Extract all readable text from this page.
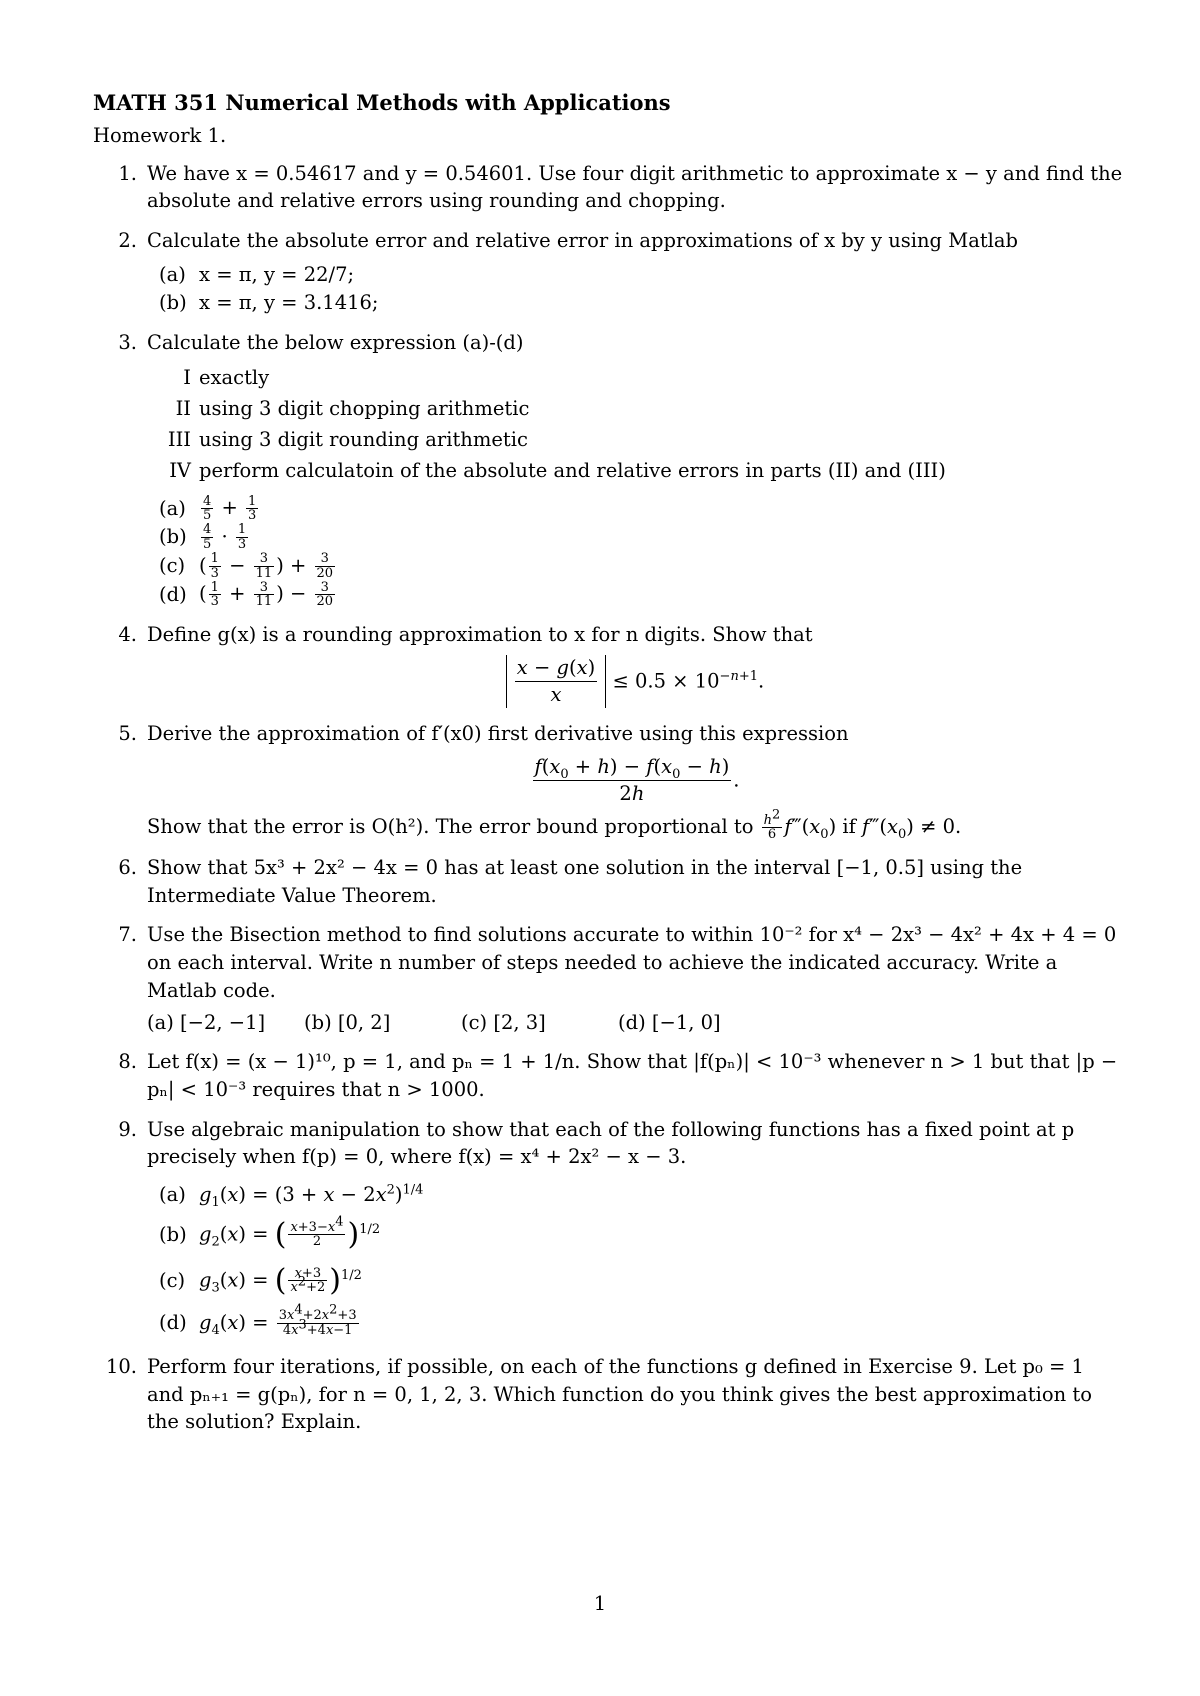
MATH 351 Numerical Methods with Applications
Homework 1.
1. We have x = 0.54617 and y = 0.54601. Use four digit arithmetic to approximate x − y and find the absolute and relative errors using rounding and chopping.
2. Calculate the absolute error and relative error in approximations of x by y using Matlab
(a) x = π, y = 22/7;
(b) x = π, y = 3.1416;
3. Calculate the below expression (a)-(d)
I exactly
II using 3 digit chopping arithmetic
III using 3 digit rounding arithmetic
IV perform calculatoin of the absolute and relative errors in parts (II) and (III)
(a)	$\frac{4}{5} + \frac{1}{3}$
(b)	$\frac{4}{5} \cdot \frac{1}{3}$
(c) ( $\frac{1}{3} - \frac{3}{11}$ ) + $\frac{3}{20}$
(d) ( $\frac{1}{3} + \frac{3}{11}$ ) − $\frac{3}{20}$
4. Define g(x) is a rounding approximation to x for n digits. Show that
$\frac{x - g(x)}{x} \le 0.5 \times 10^{-n+1}$.
5. Derive the approximation of f′(x0) first derivative using this expression
$\frac{f(x_0 + h) - f(x_0 - h)}{2h}$ .
Show that the error is O(h²). The error bound proportional to $\frac{h^2}{6}$ $f‴(x_0)$ if $f‴(x_0) \ne 0$.
6. Show that 5x³ + 2x² − 4x = 0 has at least one solution in the interval [−1, 0.5] using the Intermediate Value Theorem.
7. Use the Bisection method to find solutions accurate to within 10⁻² for x⁴ − 2x³ − 4x² + 4x + 4 = 0 on each interval. Write n number of steps needed to achieve the indicated accuracy. Write a Matlab code.
(a) [−2, −1]	(b) [0, 2]	(c) [2, 3]	(d) [−1, 0]
8. Let f(x) = (x − 1)¹⁰, p = 1, and pₙ = 1 + 1/n. Show that |f(pₙ)| < 10⁻³ whenever n > 1 but that |p − pₙ| < 10⁻³ requires that n > 1000.
9. Use algebraic manipulation to show that each of the following functions has a fixed point at p precisely when f(p) = 0, where f(x) = x⁴ + 2x² − x − 3.
(a) $g_1(x) = (3 + x - 2x^2)^{1/4}$
(b) $g_2(x)$ = ( $\frac{x+3-x^4}{2} )^{1/2}$
(c) $g_3(x)$ = ( $\frac{x+3}{x^2+2} )^{1/2}$
(d) $g_4(x) = \frac{3x^4+2x^2+3}{4x^3+4x-1}$
10. Perform four iterations, if possible, on each of the functions g defined in Exercise 9. Let p₀ = 1 and pₙ₊₁ = g(pₙ), for n = 0, 1, 2, 3. Which function do you think gives the best approximation to the solution? Explain.
1
